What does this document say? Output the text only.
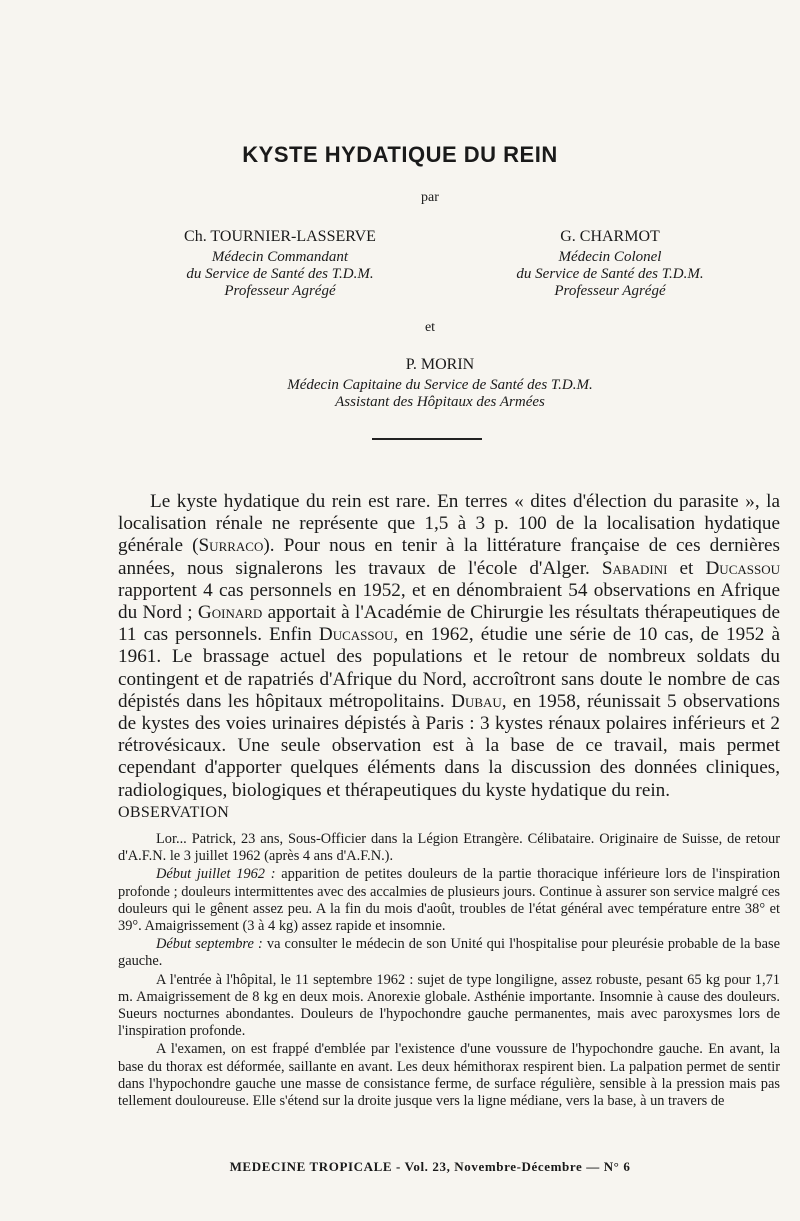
KYSTE HYDATIQUE DU REIN
par
Ch. TOURNIER-LASSERVE
Médecin Commandant
du Service de Santé des T.D.M.
Professeur Agrégé
G. CHARMOT
Médecin Colonel
du Service de Santé des T.D.M.
Professeur Agrégé
et
P. MORIN
Médecin Capitaine du Service de Santé des T.D.M.
Assistant des Hôpitaux des Armées
Le kyste hydatique du rein est rare. En terres « dites d'élection du parasite », la localisation rénale ne représente que 1,5 à 3 p. 100 de la localisation hydatique générale (Surraco). Pour nous en tenir à la littérature française de ces dernières années, nous signalerons les travaux de l'école d'Alger. Sabadini et Ducassou rapportent 4 cas personnels en 1952, et en dénombraient 54 observations en Afrique du Nord ; Goinard apportait à l'Académie de Chirurgie les résultats thérapeutiques de 11 cas personnels. Enfin Ducassou, en 1962, étudie une série de 10 cas, de 1952 à 1961. Le brassage actuel des populations et le retour de nombreux soldats du contingent et de rapatriés d'Afrique du Nord, accroîtront sans doute le nombre de cas dépistés dans les hôpitaux métropolitains. Dubau, en 1958, réunissait 5 observations de kystes des voies urinaires dépistés à Paris : 3 kystes rénaux polaires inférieurs et 2 rétrovésicaux. Une seule observation est à la base de ce travail, mais permet cependant d'apporter quelques éléments dans la discussion des données cliniques, radiologiques, biologiques et thérapeutiques du kyste hydatique du rein.
OBSERVATION

Lor... Patrick, 23 ans, Sous-Officier dans la Légion Etrangère. Célibataire. Originaire de Suisse, de retour d'A.F.N. le 3 juillet 1962 (après 4 ans d'A.F.N.).

Début juillet 1962 : apparition de petites douleurs de la partie thoracique inférieure lors de l'inspiration profonde ; douleurs intermittentes avec des accalmies de plusieurs jours. Continue à assurer son service malgré ces douleurs qui le gênent assez peu. A la fin du mois d'août, troubles de l'état général avec température entre 38° et 39°. Amaigrissement (3 à 4 kg) assez rapide et insomnie.

Début septembre : va consulter le médecin de son Unité qui l'hospitalise pour pleurésie probable de la base gauche.

A l'entrée à l'hôpital, le 11 septembre 1962 : sujet de type longiligne, assez robuste, pesant 65 kg pour 1,71 m. Amaigrissement de 8 kg en deux mois. Anorexie globale. Asthénie importante. Insomnie à cause des douleurs. Sueurs nocturnes abondantes. Douleurs de l'hypochondre gauche permanentes, mais avec paroxysmes lors de l'inspiration profonde.

A l'examen, on est frappé d'emblée par l'existence d'une voussure de l'hypochondre gauche. En avant, la base du thorax est déformée, saillante en avant. Les deux hémithorax respirent bien. La palpation permet de sentir dans l'hypochondre gauche une masse de consistance ferme, de surface régulière, sensible à la pression mais pas tellement douloureuse. Elle s'étend sur la droite jusque vers la ligne médiane, vers la base, à un travers de

MEDECINE TROPICALE - Vol. 23, Novembre-Décembre — N° 6
